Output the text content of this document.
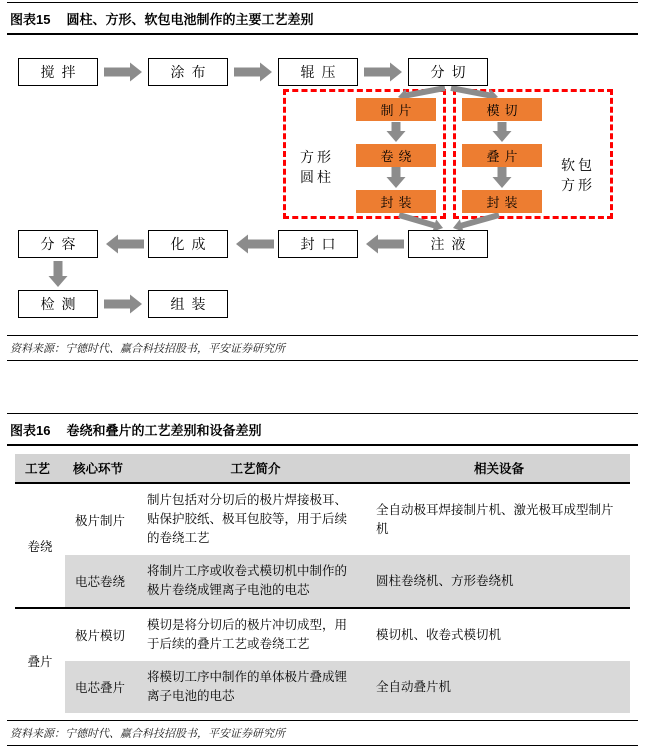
图表15 圆柱、方形、软包电池制作的主要工艺差别
搅拌	涂布	辊压	分切
制片
卷绕
封装
模切
叠片
封装
方形
圆柱
软包
方形
注液
封口
化成
分容
检测	组装
资料来源：宁德时代、赢合科技招股书，平安证券研究所
图表16 卷绕和叠片的工艺差别和设备差别
工艺	核心环节	工艺简介	相关设备
卷绕	极片制片	制片包括对分切后的极片焊接极耳、贴保护胶纸、极耳包胶等，用于后续的卷绕工艺	全自动极耳焊接制片机、激光极耳成型制片机
	电芯卷绕	将制片工序或收卷式模切机中制作的极片卷绕成锂离子电池的电芯	圆柱卷绕机、方形卷绕机
叠片	极片模切	模切是将分切后的极片冲切成型，用于后续的叠片工艺或卷绕工艺	模切机、收卷式模切机
	电芯叠片	将模切工序中制作的单体极片叠成锂离子电池的电芯	全自动叠片机
资料来源：宁德时代、赢合科技招股书，平安证券研究所
